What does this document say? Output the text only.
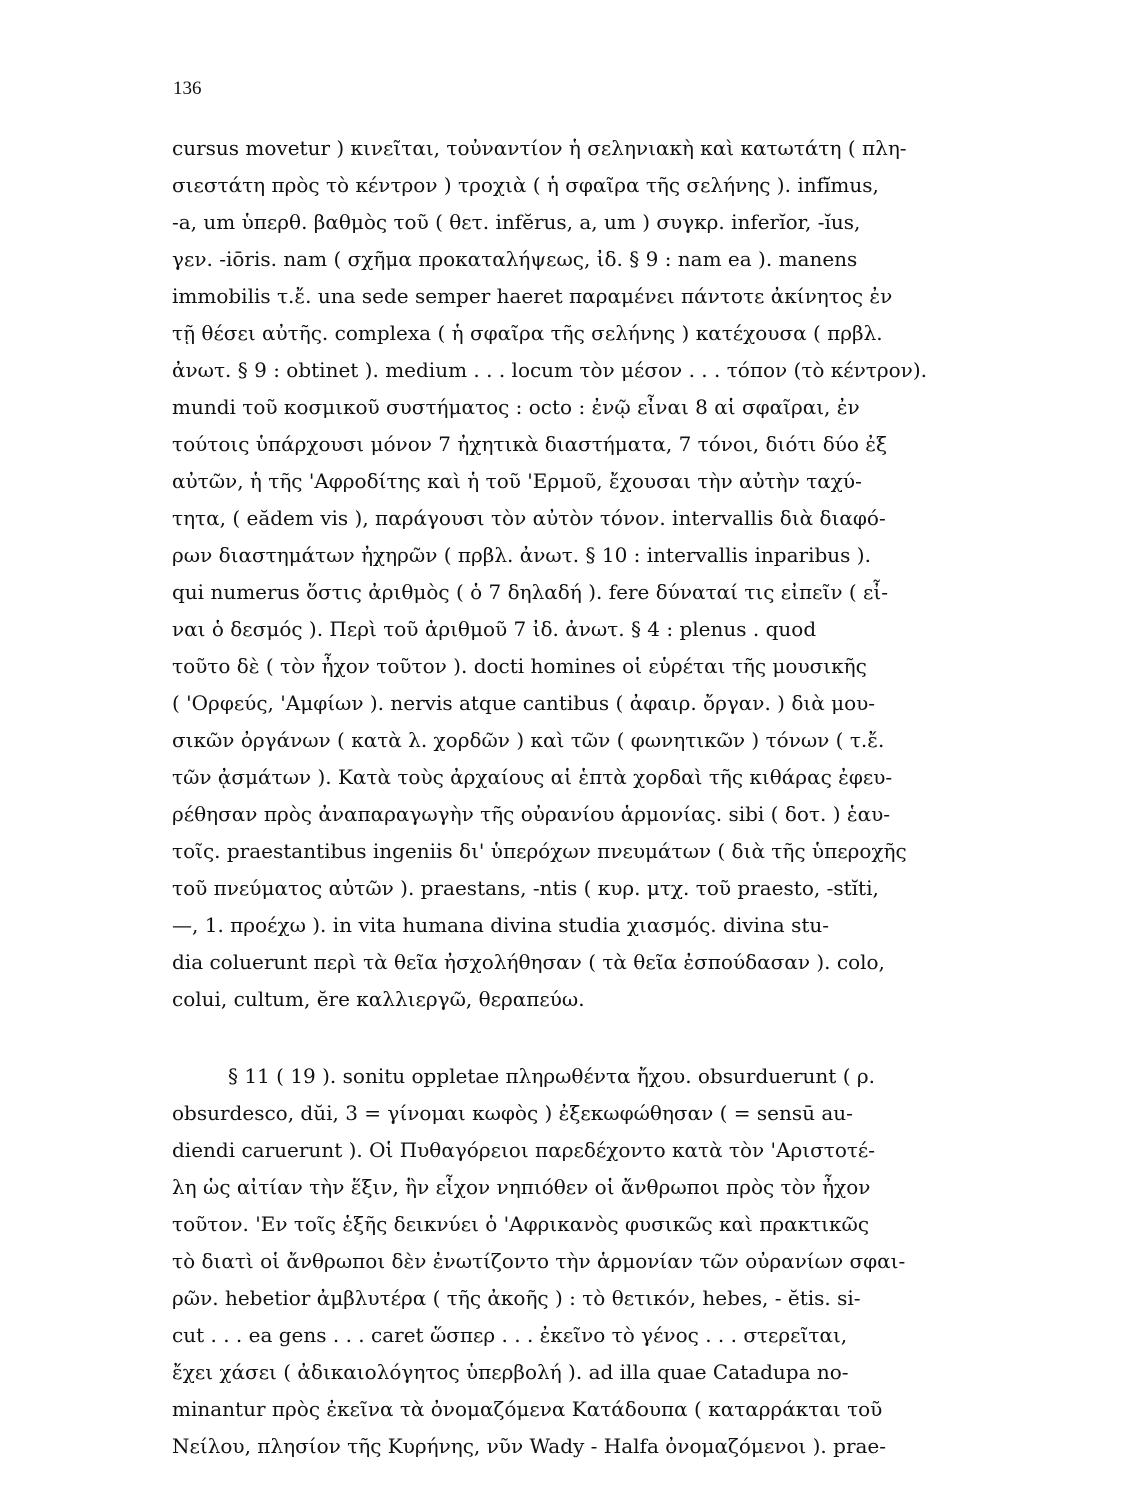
136
cursus movetur ) κινεῖται, τοὐναντίον ἡ σεληνιακὴ καὶ κατωτάτη ( πλη-
σιεστάτη πρὸς τὸ κέντρον ) τροχιὰ ( ἡ σφαῖρα τῆς σελήνης ). infĭmus,
-a, um ὑπερθ. βαθμὸς τοῦ ( θετ. infĕrus, a, um ) συγκρ. inferĭor, -ĭus,
γεν. -iōris. nam ( σχῆμα προκαταλήψεως, ἰδ. § 9 : nam ea ). manens
immobilis τ.ἔ. una sede semper haeret παραμένει πάντοτε ἀκίνητος ἐν
τῇ θέσει αὐτῆς. complexa ( ἡ σφαῖρα τῆς σελήνης ) κατέχουσα ( πρβλ.
ἀνωτ. § 9 : obtinet ). medium . . . locum τὸν μέσον . . . τόπον (τὸ κέντρον).
mundi τοῦ κοσμικοῦ συστήματος : octo : ἐνῷ εἶναι 8 αἱ σφαῖραι, ἐν
τούτοις ὑπάρχουσι μόνον 7 ἠχητικὰ διαστήματα, 7 τόνοι, διότι δύο ἐξ
αὐτῶν, ἡ τῆς 'Αφροδίτης καὶ ἡ τοῦ 'Ερμοῦ, ἔχουσαι τὴν αὐτὴν ταχύ-
τητα, ( eădem vis ), παράγουσι τὸν αὐτὸν τόνον. intervallis διὰ διαφό-
ρων διαστημάτων ἠχηρῶν ( πρβλ. ἀνωτ. § 10 : intervallis inparibus ).
qui numerus ὅστις ἀριθμὸς ( ὁ 7 δηλαδή ). fere δύναταί τις εἰπεῖν ( εἶ-
ναι ὁ δεσμός ). Περὶ τοῦ ἀριθμοῦ 7 ἰδ. ἀνωτ. § 4 : plenus . quod
τοῦτο δὲ ( τὸν ἦχον τοῦτον ). docti homines οἱ εὑρέται τῆς μουσικῆς
( 'Ορφεύς, 'Αμφίων ). nervis atque cantibus ( ἀφαιρ. ὄργαν. ) διὰ μου-
σικῶν ὀργάνων ( κατὰ λ. χορδῶν ) καὶ τῶν ( φωνητικῶν ) τόνων ( τ.ἔ.
τῶν ᾀσμάτων ). Κατὰ τοὺς ἀρχαίους αἱ ἑπτὰ χορδαὶ τῆς κιθάρας ἐφευ-
ρέθησαν πρὸς ἀναπαραγωγὴν τῆς οὐρανίου ἁρμονίας. sibi ( δοτ. ) ἑαυ-
τοῖς. praestantibus ingeniis δι' ὑπερόχων πνευμάτων ( διὰ τῆς ὑπεροχῆς
τοῦ πνεύματος αὐτῶν ). praestans, -ntis ( κυρ. μτχ. τοῦ praesto, -stĭti,
—, 1. προέχω ). in vita humana divina studia χιασμός. divina stu-
dia coluerunt περὶ τὰ θεῖα ἠσχολήθησαν ( τὰ θεῖα ἐσπούδασαν ). colo,
colui, cultum, ĕre καλλιεργῶ, θεραπεύω.
§ 11 ( 19 ). sonitu oppletae πληρωθέντα ἤχου. obsurduerunt ( ρ.
obsurdesco, dŭi, 3 = γίνομαι κωφὸς ) ἐξεκωφώθησαν ( = sensū au-
diendi caruerunt ). Οἱ Πυθαγόρειοι παρεδέχοντο κατὰ τὸν 'Αριστοτέ-
λη ὡς αἰτίαν τὴν ἕξιν, ἣν εἶχον νηπιόθεν οἱ ἄνθρωποι πρὸς τὸν ἦχον
τοῦτον. 'Εν τοῖς ἑξῆς δεικνύει ὁ 'Αφρικανὸς φυσικῶς καὶ πρακτικῶς
τὸ διατὶ οἱ ἄνθρωποι δὲν ἐνωτίζοντο τὴν ἁρμονίαν τῶν οὐρανίων σφαι-
ρῶν. hebetior ἀμβλυτέρα ( τῆς ἀκοῆς ) : τὸ θετικόν, hebes, - ĕtis. si-
cut . . . ea gens . . . caret ὥσπερ . . . ἐκεῖνο τὸ γένος . . . στερεῖται,
ἔχει χάσει ( ἀδικαιολόγητος ὑπερβολή ). ad illa quae Catadupa no-
minantur πρὸς ἐκεῖνα τὰ ὀνομαζόμενα Κατάδουπα ( καταρράκται τοῦ
Νείλου, πλησίον τῆς Κυρήνης, νῦν Wady - Halfa ὀνομαζόμενοι ). prae-
